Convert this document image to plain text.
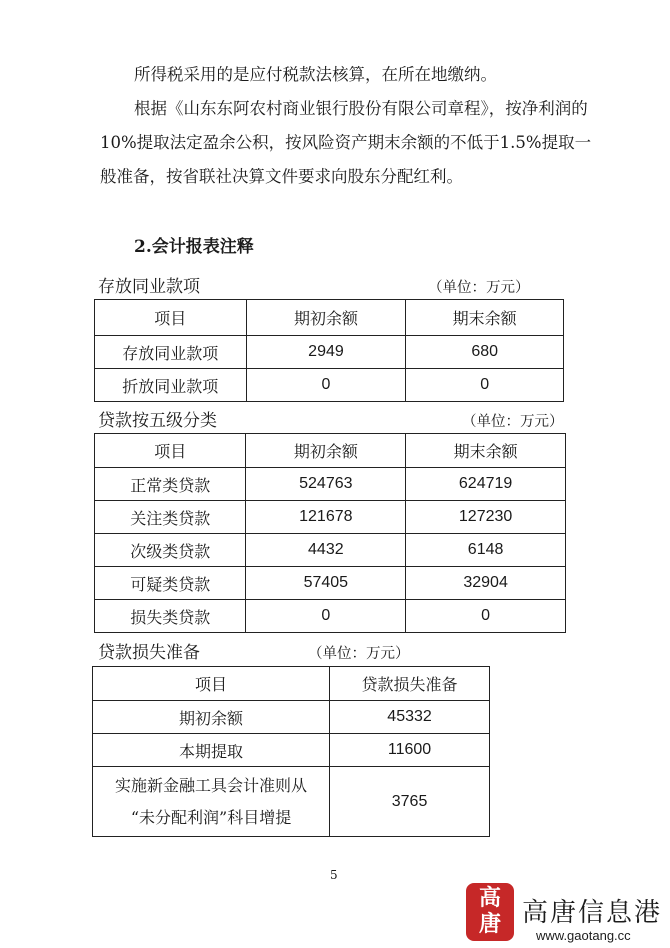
所得税采用的是应付税款法核算，在所在地缴纳。

根据《山东东阿农村商业银行股份有限公司章程》，按净利润的10%提取法定盈余公积，按风险资产期末余额的不低于1.5%提取一般准备，按省联社决算文件要求向股东分配红利。

2.会计报表注释

存放同业款项	（单位：万元）
项目	期初余额	期末余额
存放同业款项	2949	680
折放同业款项	0	0
贷款按五级分类	（单位：万元）
项目	期初余额	期末余额
正常类贷款	524763	624719
关注类贷款	121678	127230
次级类贷款	4432	6148
可疑类贷款	57405	32904
损失类贷款	0	0
贷款损失准备	（单位：万元）
项目	贷款损失准备
期初余额	45332
本期提取	11600

实施新金融工具会计准则从
“未分配利润”科目增提	3765
5
高
唐 高唐信息港
www.gaotang.cc
